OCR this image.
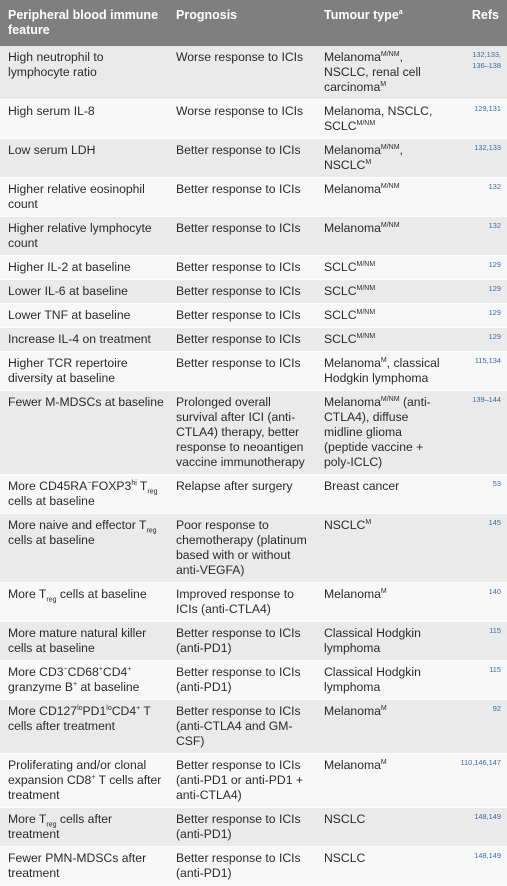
Peripheral blood immune feature	Prognosis	Tumour type$^a$	Refs
High neutrophil to lymphocyte ratio	Worse response to ICIs	Melanoma$^{M/NM}$, NSCLC, renal cell carcinoma$^M$	132,133, 136–138
High serum IL-8	Worse response to ICIs	Melanoma, NSCLC, $SCLC^{M/NM}$	129,131
Low serum LDH	Better response to ICIs	Melanoma$^{M/NM}$, $NSCLC^M$	132,133
Higher relative eosinophil count	Better response to ICIs	Melanoma$^{M/NM}$	132
Higher relative lymphocyte count	Better response to ICIs	Melanoma$^{M/NM}$	132
Higher IL-2 at baseline	Better response to ICIs	$SCLC^{M/NM}$	129
Lower IL-6 at baseline	Better response to ICIs	$SCLC^{M/NM}$	129
Lower TNF at baseline	Better response to ICIs	$SCLC^{M/NM}$	129
Increase IL-4 on treatment	Better response to ICIs	$SCLC^{M/NM}$	129
Higher TCR repertoire diversity at baseline	Better response to ICIs	Melanoma$^M$, classical Hodgkin lymphoma	115,134
Fewer M-MDSCs at baseline	Prolonged overall survival after ICI (anti-CTLA4) therapy, better response to neoantigen vaccine immunotherapy	Melanoma$^{M/NM}$ (anti-CTLA4), diffuse midline glioma (peptide vaccine + poly-ICLC)	139–144
More $CD45RA^-FOXP3^{hi}$ $T_{reg}$ cells at baseline	Relapse after surgery	Breast cancer	53
More naive and effector $T_{reg}$ cells at baseline	Poor response to chemotherapy (platinum based with or without anti-VEGFA)	$NSCLC^M$	145
More $T_{reg}$ cells at baseline	Improved response to ICIs (anti-CTLA4)	Melanoma$^M$	140
More mature natural killer cells at baseline	Better response to ICIs (anti-PD1)	Classical Hodgkin lymphoma	115
More CD3−CD68+CD4+ granzyme B+ at baseline	Better response to ICIs (anti-PD1)	Classical Hodgkin lymphoma	115
More $CD127^{lo}PD1^{lo}CD4^+$ T cells after treatment	Better response to ICIs (anti-CTLA4 and GM-CSF)	Melanoma$^M$	92
Proliferating and/or clonal expansion CD8+ T cells after treatment	Better response to ICIs (anti-PD1 or anti-PD1 + anti-CTLA4)	Melanoma$^M$	110,146,147
More $T_{reg}$ cells after treatment	Better response to ICIs (anti-PD1)	NSCLC	148,149
Fewer PMN-MDSCs after treatment	Better response to ICIs (anti-PD1)	NSCLC	148,149
